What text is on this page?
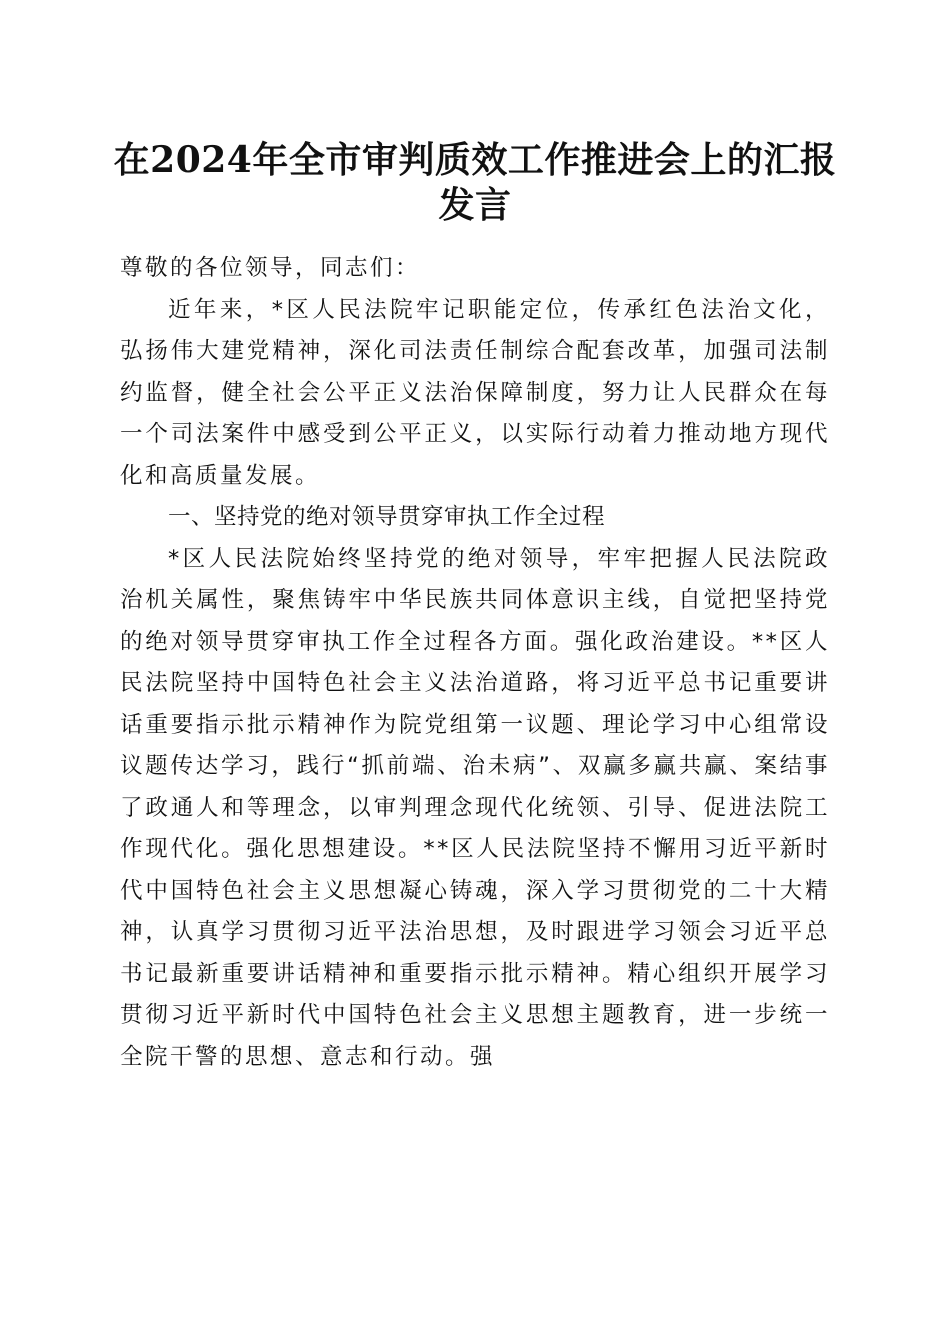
在2024年全市审判质效工作推进会上的汇报发言

尊敬的各位领导，同志们：

近年来，*区人民法院牢记职能定位，传承红色法治文化，弘扬伟大建党精神，深化司法责任制综合配套改革，加强司法制约监督，健全社会公平正义法治保障制度，努力让人民群众在每一个司法案件中感受到公平正义，以实际行动着力推动地方现代化和高质量发展。

一、坚持党的绝对领导贯穿审执工作全过程

*区人民法院始终坚持党的绝对领导，牢牢把握人民法院政治机关属性，聚焦铸牢中华民族共同体意识主线，自觉把坚持党的绝对领导贯穿审执工作全过程各方面。强化政治建设。**区人民法院坚持中国特色社会主义法治道路，将习近平总书记重要讲话重要指示批示精神作为院党组第一议题、理论学习中心组常设议题传达学习，践行“抓前端、治未病”、双赢多赢共赢、案结事了政通人和等理念，以审判理念现代化统领、引导、促进法院工作现代化。强化思想建设。**区人民法院坚持不懈用习近平新时代中国特色社会主义思想凝心铸魂，深入学习贯彻党的二十大精神，认真学习贯彻习近平法治思想，及时跟进学习领会习近平总书记最新重要讲话精神和重要指示批示精神。精心组织开展学习贯彻习近平新时代中国特色社会主义思想主题教育，进一步统一全院干警的思想、意志和行动。强
